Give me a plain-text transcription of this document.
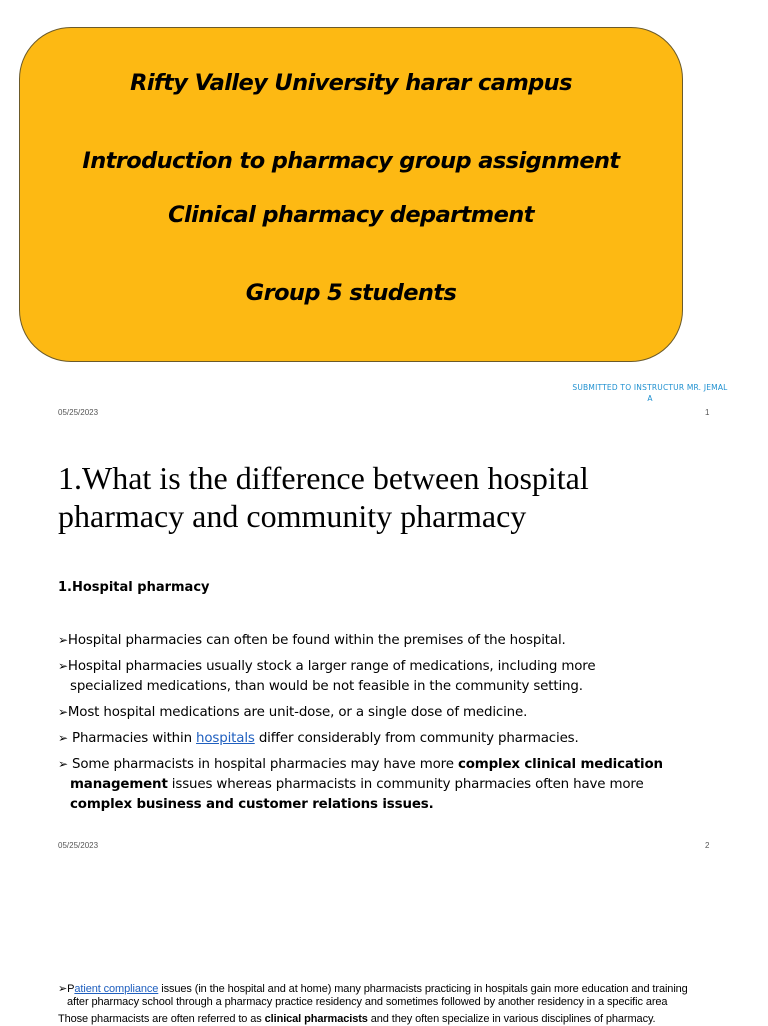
Rifty Valley University harar campus
Introduction to pharmacy group assignment
Clinical pharmacy department
Group 5 students
SUBMITTED TO INSTRUCTUR MR. JEMAL
A
05/25/2023	1
1.What is the difference between hospital
pharmacy and community pharmacy
1.Hospital pharmacy
➢Hospital pharmacies can often be found within the premises of the hospital.
➢Hospital pharmacies usually stock a larger range of medications, including more
specialized medications, than would be not feasible in the community setting.
➢Most hospital medications are unit-dose, or a single dose of medicine.
➢ Pharmacies within hospitals differ considerably from community pharmacies.
➢ Some pharmacists in hospital pharmacies may have more complex clinical medication
management issues whereas pharmacists in community pharmacies often have more
complex business and customer relations issues.
05/25/2023	2
➢Patient compliance issues (in the hospital and at home) many pharmacists practicing in hospitals gain more education and training
after pharmacy school through a pharmacy practice residency and sometimes followed by another residency in a specific area
Those pharmacists are often referred to as clinical pharmacists and they often specialize in various disciplines of pharmacy.
